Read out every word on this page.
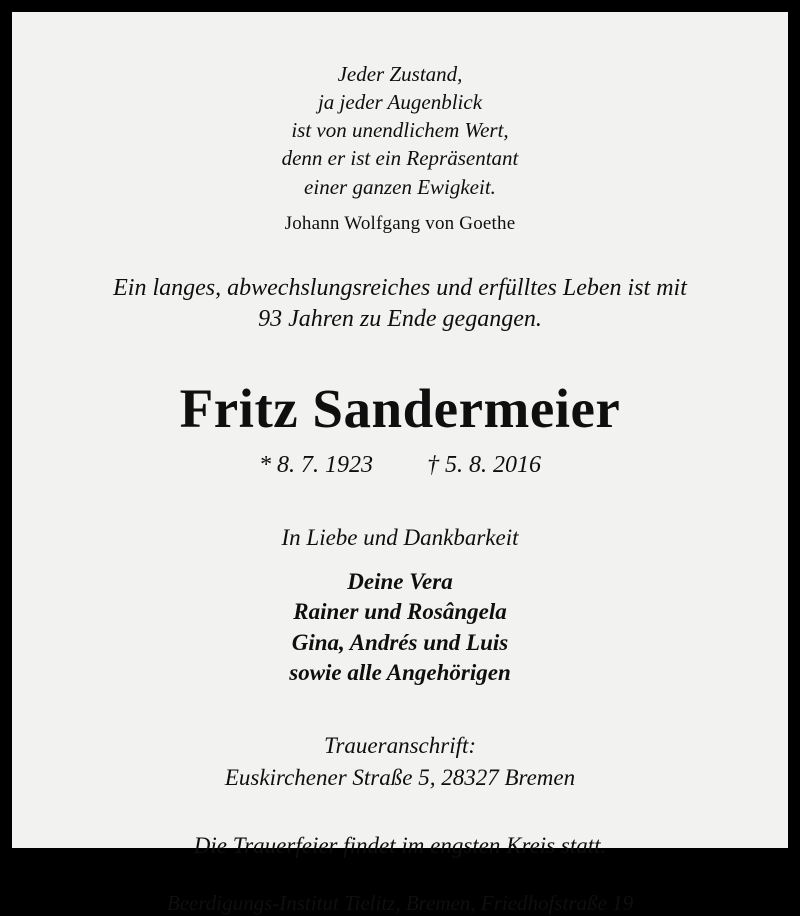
Jeder Zustand,
ja jeder Augenblick
ist von unendlichem Wert,
denn er ist ein Repräsentant
einer ganzen Ewigkeit.
Johann Wolfgang von Goethe
Ein langes, abwechslungsreiches und erfülltes Leben ist mit
93 Jahren zu Ende gegangen.
Fritz Sandermeier
* 8. 7. 1923 † 5. 8. 2016
In Liebe und Dankbarkeit
Deine Vera
Rainer und Rosângela
Gina, Andrés und Luis
sowie alle Angehörigen
Traueranschrift:
Euskirchener Straße 5, 28327 Bremen
Die Trauerfeier findet im engsten Kreis statt.
Beerdigungs-Institut Tielitz, Bremen, Friedhofstraße 19
